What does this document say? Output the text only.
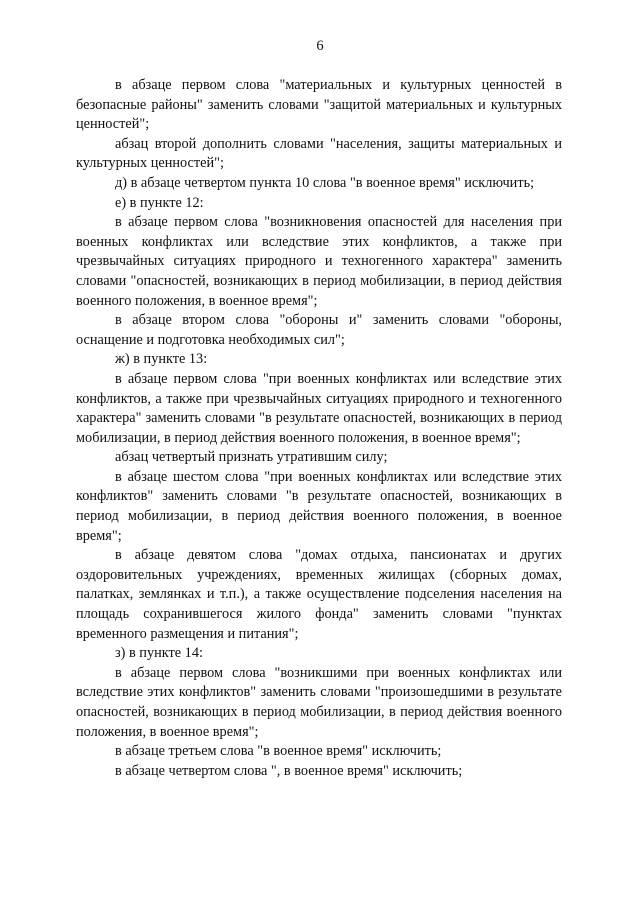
6

в абзаце первом слова "материальных и культурных ценностей в безопасные районы" заменить словами "защитой материальных и культурных ценностей";

абзац второй дополнить словами "населения, защиты материальных и культурных ценностей";

д) в абзаце четвертом пункта 10 слова "в военное время" исключить;

е) в пункте 12:

в абзаце первом слова "возникновения опасностей для населения при военных конфликтах или вследствие этих конфликтов, а также при чрезвычайных ситуациях природного и техногенного характера" заменить словами "опасностей, возникающих в период мобилизации, в период действия военного положения, в военное время";

в абзаце втором слова "обороны и" заменить словами "обороны, оснащение и подготовка необходимых сил";

ж) в пункте 13:

в абзаце первом слова "при военных конфликтах или вследствие этих конфликтов, а также при чрезвычайных ситуациях природного и техногенного характера" заменить словами "в результате опасностей, возникающих в период мобилизации, в период действия военного положения, в военное время";

абзац четвертый признать утратившим силу;

в абзаце шестом слова "при военных конфликтах или вследствие этих конфликтов" заменить словами "в результате опасностей, возникающих в период мобилизации, в период действия военного положения, в военное время";

в абзаце девятом слова "домах отдыха, пансионатах и других оздоровительных учреждениях, временных жилищах (сборных домах, палатках, землянках и т.п.), а также осуществление подселения населения на площадь сохранившегося жилого фонда" заменить словами "пунктах временного размещения и питания";

з) в пункте 14:

в абзаце первом слова "возникшими при военных конфликтах или вследствие этих конфликтов" заменить словами "произошедшими в результате опасностей, возникающих в период мобилизации, в период действия военного положения, в военное время";

в абзаце третьем слова "в военное время" исключить;

в абзаце четвертом слова ", в военное время" исключить;
